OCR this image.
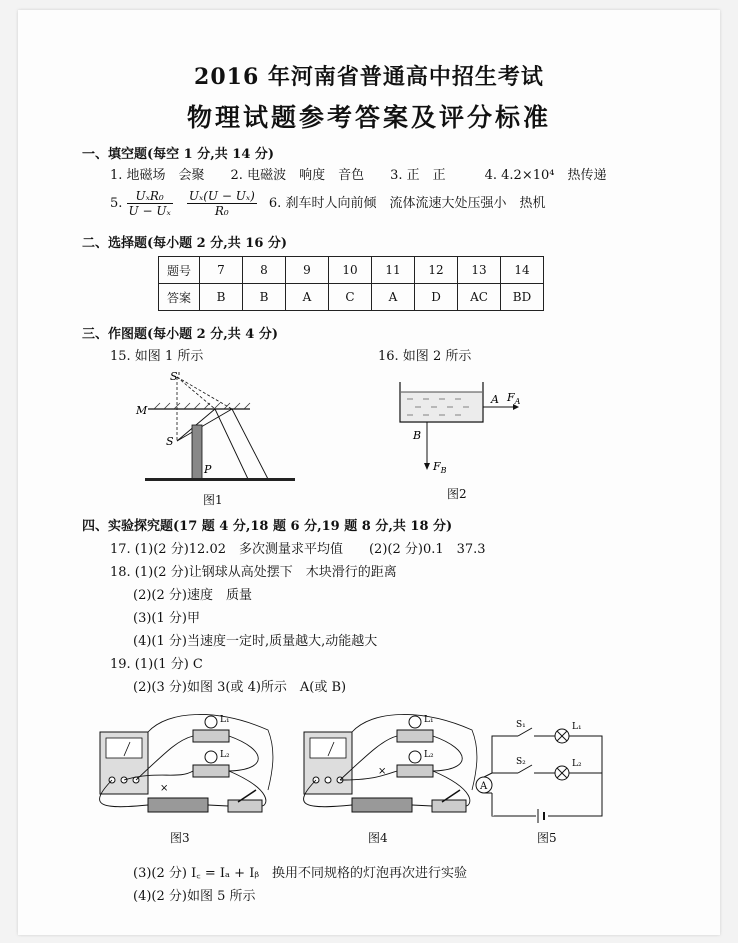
2016 年河南省普通高中招生考试
物理试题参考答案及评分标准
一、填空题(每空 1 分,共 14 分)
1. 地磁场　会聚　　2. 电磁波　响度　音色　　3. 正　正　　　4. 4.2×10⁴　热传递
5. $\frac{\text{UₓR₀}}{\text{U − Uₓ}}$
$\frac{\text{Uₓ(U − Uₓ)}}{\text{R₀}} 6$. 刹车时人向前倾　流体流速大处压强小　热机
二、选择题(每小题 2 分,共 16 分)
题号	7	8	9	10	11	12	13	14
答案	B	B	A	C	A	D	AC	BD
三、作图题(每小题 2 分,共 4 分)
15. 如图 1 所示	16. 如图 2 所示
S'
M
S
P
图1
A $F_A$
B
$F_B$
图2
四、实验探究题(17 题 4 分,18 题 6 分,19 题 8 分,共 18 分)
17. (1)(2 分)12.02　多次测量求平均值　　(2)(2 分)0.1　37.3
18. (1)(2 分)让钢球从高处摆下　木块滑行的距离
(2)(2 分)速度　质量
(3)(1 分)甲
(4)(1 分)当速度一定时,质量越大,动能越大
19. (1)(1 分) C
(2)(3 分)如图 3(或 4)所示　A(或 B)
L₁
L₂
×
图3
L₁
L₂
×
图4
S₁	L₁
S₂	L₂
A
图5
(3)(2 分) I꜀ = Iₐ + Iᵦ　换用不同规格的灯泡再次进行实验
(4)(2 分)如图 5 所示
